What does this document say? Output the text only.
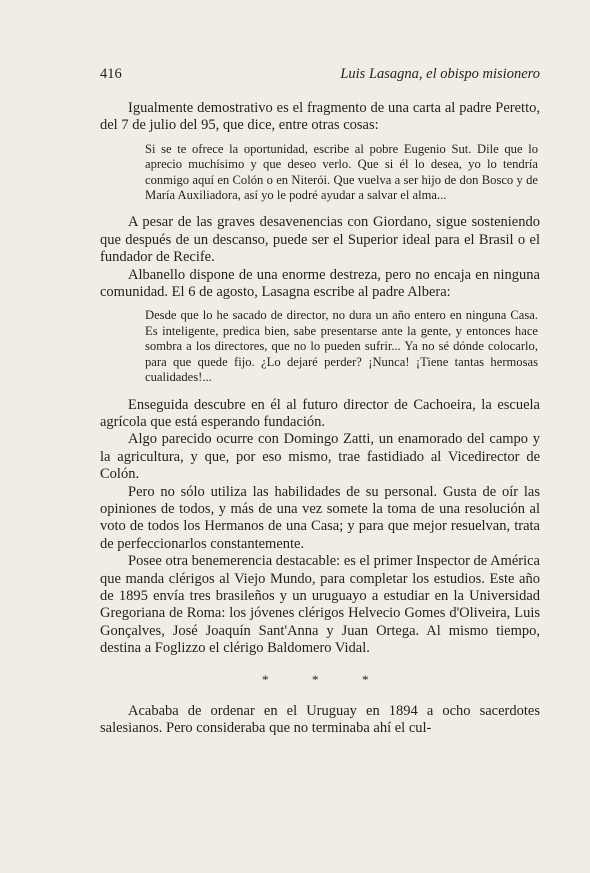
416	Luis Lasagna, el obispo misionero

Igualmente demostrativo es el fragmento de una carta al padre Peretto, del 7 de julio del 95, que dice, entre otras cosas:

Si se te ofrece la oportunidad, escribe al pobre Eugenio Sut. Dile que lo aprecio muchísimo y que deseo verlo. Que si él lo desea, yo lo tendría conmigo aquí en Colón o en Niterói. Que vuelva a ser hijo de don Bosco y de María Auxiliadora, así yo le podré ayudar a salvar el alma...

A pesar de las graves desavenencias con Giordano, sigue sosteniendo que después de un descanso, puede ser el Superior ideal para el Brasil o el fundador de Recife.

Albanello dispone de una enorme destreza, pero no encaja en ninguna comunidad. El 6 de agosto, Lasagna escribe al padre Albera:

Desde que lo he sacado de director, no dura un año entero en ninguna Casa. Es inteligente, predica bien, sabe presentarse ante la gente, y entonces hace sombra a los directores, que no lo pueden sufrir... Ya no sé dónde colocarlo, para que quede fijo. ¿Lo dejaré perder? ¡Nunca! ¡Tiene tantas hermosas cualidades!...

Enseguida descubre en él al futuro director de Cachoeira, la escuela agrícola que está esperando fundación.

Algo parecido ocurre con Domingo Zatti, un enamorado del campo y la agricultura, y que, por eso mismo, trae fastidiado al Vicedirector de Colón.

Pero no sólo utiliza las habilidades de su personal. Gusta de oír las opiniones de todos, y más de una vez somete la toma de una resolución al voto de todos los Hermanos de una Casa; y para que mejor resuelvan, trata de perfeccionarlos constantemente.

Posee otra benemerencia destacable: es el primer Inspector de América que manda clérigos al Viejo Mundo, para completar los estudios. Este año de 1895 envía tres brasileños y un uruguayo a estudiar en la Universidad Gregoriana de Roma: los jóvenes clérigos Helvecio Gomes d'Oliveira, Luis Gonçalves, José Joaquín Sant'Anna y Juan Ortega. Al mismo tiempo, destina a Foglizzo el clérigo Baldomero Vidal.

*	*	*

Acababa de ordenar en el Uruguay en 1894 a ocho sacerdotes salesianos. Pero consideraba que no terminaba ahí el cul-
